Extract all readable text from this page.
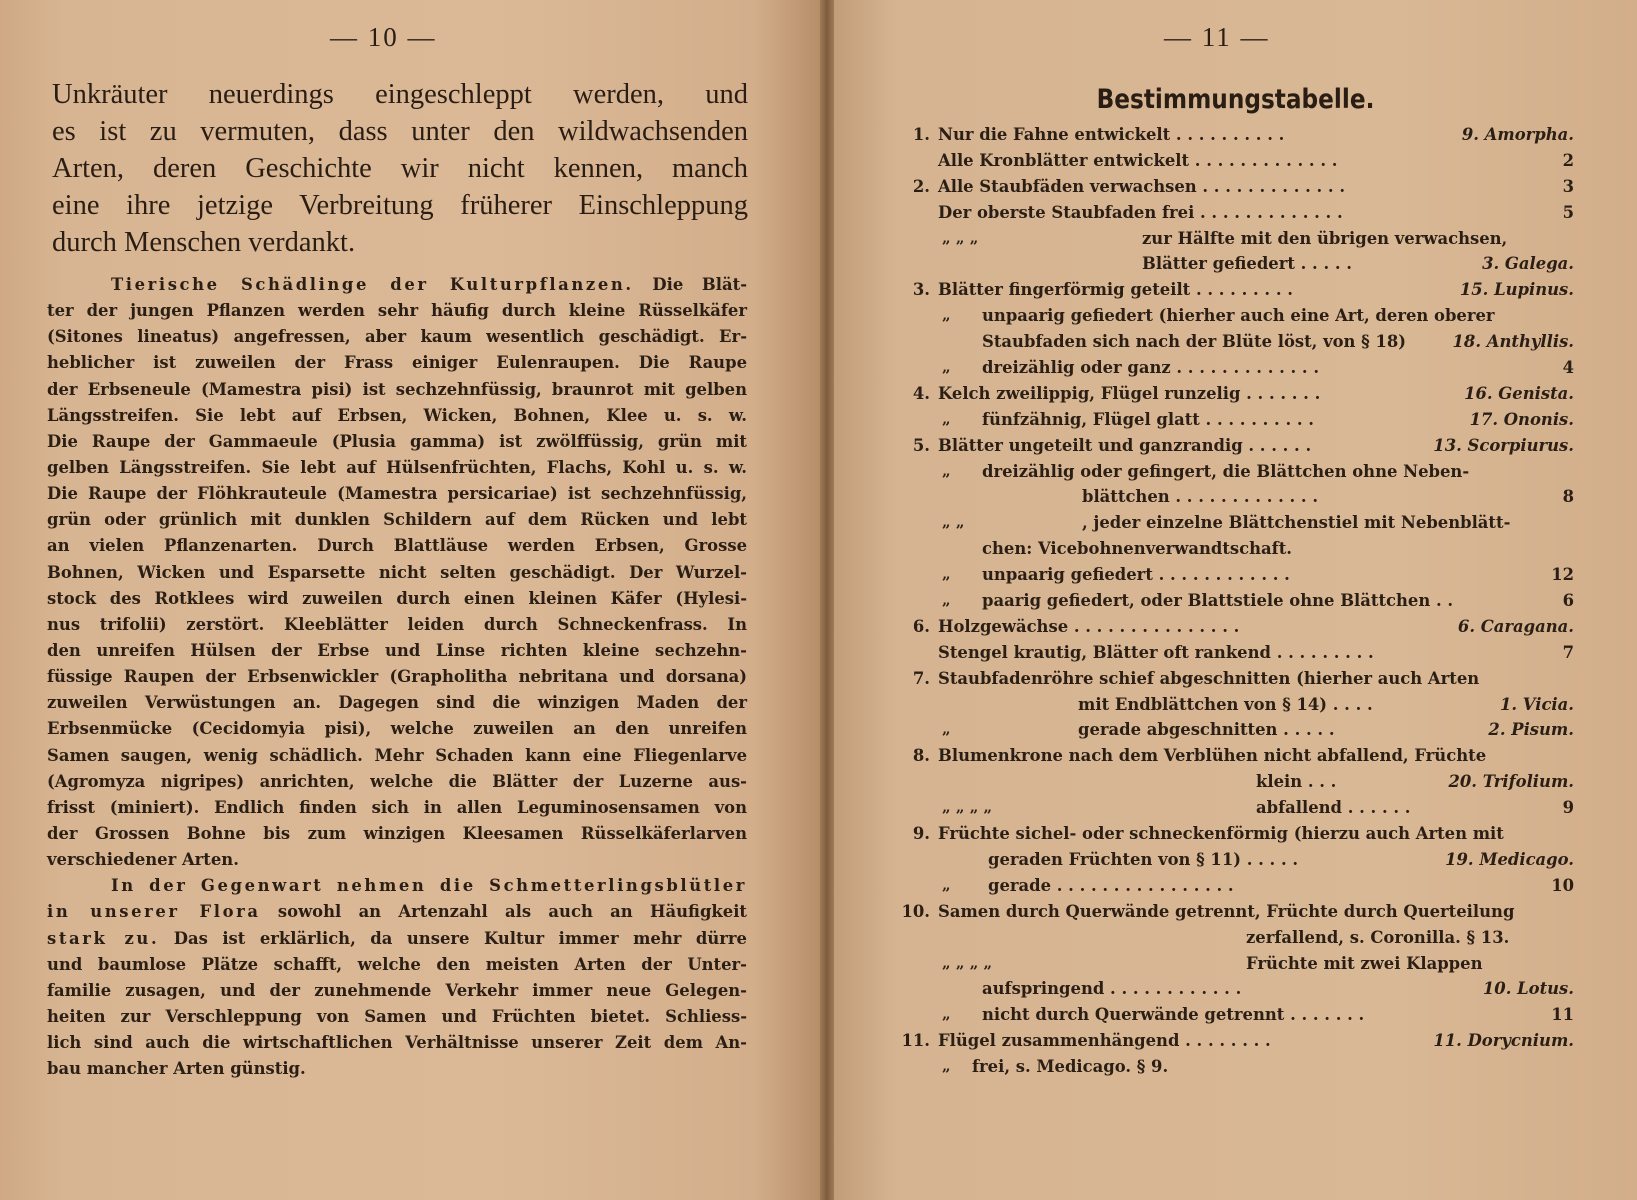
— 10 —
Unkräuter neuerdings eingeschleppt werden, und
es ist zu vermuten, dass unter den wildwachsenden
Arten, deren Geschichte wir nicht kennen, manch
eine ihre jetzige Verbreitung früherer Einschleppung
durch Menschen verdankt.
Tierische Schädlinge der Kulturpflanzen. Die Blät-
ter der jungen Pflanzen werden sehr häufig durch kleine Rüsselkäfer
(Sitones lineatus) angefressen, aber kaum wesentlich geschädigt. Er-
heblicher ist zuweilen der Frass einiger Eulenraupen. Die Raupe
der Erbseneule (Mamestra pisi) ist sechzehnfüssig, braunrot mit gelben
Längsstreifen. Sie lebt auf Erbsen, Wicken, Bohnen, Klee u. s. w.
Die Raupe der Gammaeule (Plusia gamma) ist zwölffüssig, grün mit
gelben Längsstreifen. Sie lebt auf Hülsenfrüchten, Flachs, Kohl u. s. w.
Die Raupe der Flöhkrauteule (Mamestra persicariae) ist sechzehnfüssig,
grün oder grünlich mit dunklen Schildern auf dem Rücken und lebt
an vielen Pflanzenarten. Durch Blattläuse werden Erbsen, Grosse
Bohnen, Wicken und Esparsette nicht selten geschädigt. Der Wurzel-
stock des Rotklees wird zuweilen durch einen kleinen Käfer (Hylesi-
nus trifolii) zerstört. Kleeblätter leiden durch Schneckenfrass. In
den unreifen Hülsen der Erbse und Linse richten kleine sechzehn-
füssige Raupen der Erbsenwickler (Grapholitha nebritana und dorsana)
zuweilen Verwüstungen an. Dagegen sind die winzigen Maden der
Erbsenmücke (Cecidomyia pisi), welche zuweilen an den unreifen
Samen saugen, wenig schädlich. Mehr Schaden kann eine Fliegenlarve
(Agromyza nigripes) anrichten, welche die Blätter der Luzerne aus-
frisst (miniert). Endlich finden sich in allen Leguminosensamen von
der Grossen Bohne bis zum winzigen Kleesamen Rüsselkäferlarven
verschiedener Arten.
In der Gegenwart nehmen die Schmetterlingsblütler
in unserer Flora sowohl an Artenzahl als auch an Häufigkeit
stark zu. Das ist erklärlich, da unsere Kultur immer mehr dürre
und baumlose Plätze schafft, welche den meisten Arten der Unter-
familie zusagen, und der zunehmende Verkehr immer neue Gelegen-
heiten zur Verschleppung von Samen und Früchten bietet. Schliess-
lich sind auch die wirtschaftlichen Verhältnisse unserer Zeit dem An-
bau mancher Arten günstig.
— 11 —
Bestimmungstabelle.
1. Nur die Fahne entwickelt . . . . . . . . . .	9. Amorpha.
Alle Kronblätter entwickelt . . . . . . . . . . . . .	2
2. Alle Staubfäden verwachsen . . . . . . . . . . . . .	3
Der oberste Staubfaden frei . . . . . . . . . . . . .	5
„ „ „	zur Hälfte mit den übrigen verwachsen,
Blätter gefiedert . . . . .	3. Galega.
3. Blätter fingerförmig geteilt . . . . . . . . .	15. Lupinus.
„	unpaarig gefiedert (hierher auch eine Art, deren oberer
Staubfaden sich nach der Blüte löst, von § 18)	18. Anthyllis.
„	dreizählig oder ganz . . . . . . . . . . . . .	4
4. Kelch zweilippig, Flügel runzelig . . . . . . .	16. Genista.
„	fünfzähnig, Flügel glatt . . . . . . . . . .	17. Ononis.
5. Blätter ungeteilt und ganzrandig . . . . . .	13. Scorpiurus.
„	dreizählig oder gefingert, die Blättchen ohne Neben-
blättchen . . . . . . . . . . . . .	8
„ „	, jeder einzelne Blättchenstiel mit Nebenblätt-
chen: Vicebohnenverwandtschaft.
„	unpaarig gefiedert . . . . . . . . . . . .	12
„	paarig gefiedert, oder Blattstiele ohne Blättchen . .	6
6. Holzgewächse . . . . . . . . . . . . . . .	6. Caragana.
Stengel krautig, Blätter oft rankend . . . . . . . . .	7
7. Staubfadenröhre schief abgeschnitten (hierher auch Arten
mit Endblättchen von § 14) . . . .	1. Vicia.
„	gerade abgeschnitten . . . . .	2. Pisum.
8. Blumenkrone nach dem Verblühen nicht abfallend, Früchte
klein . . .	20. Trifolium.
„ „ „ „	abfallend . . . . . .	9
9. Früchte sichel- oder schneckenförmig (hierzu auch Arten mit
geraden Früchten von § 11) . . . . .	19. Medicago.
„	gerade . . . . . . . . . . . . . . . .	10
10. Samen durch Querwände getrennt, Früchte durch Querteilung
zerfallend, s. Coronilla. § 13.
„ „ „ „	Früchte mit zwei Klappen
aufspringend . . . . . . . . . . . .	10. Lotus.
„	nicht durch Querwände getrennt . . . . . . .	11
11. Flügel zusammenhängend . . . . . . . .	11. Dorycnium.
„	frei, s. Medicago. § 9.
